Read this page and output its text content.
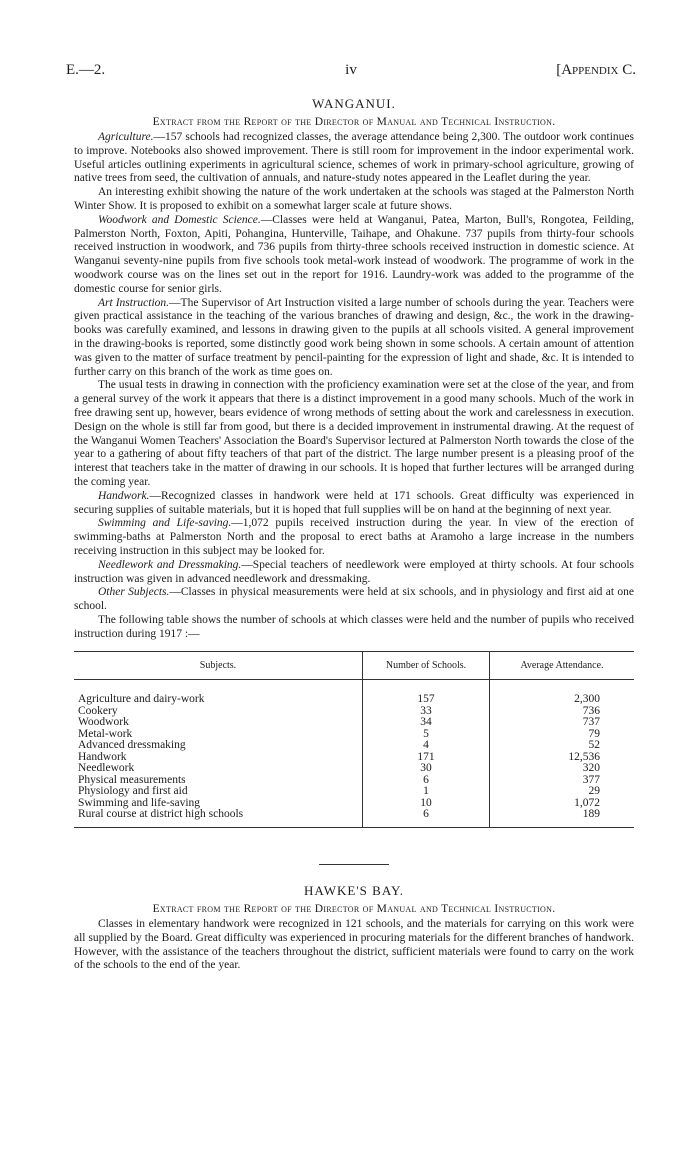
E.—2.	iv	[Appendix C.
WANGANUI.
Extract from the Report of the Director of Manual and Technical Instruction.

Agriculture.—157 schools had recognized classes, the average attendance being 2,300. The outdoor work continues to improve. Notebooks also showed improvement. There is still room for improvement in the indoor experimental work. Useful articles outlining experiments in agricultural science, schemes of work in primary-school agriculture, growing of native trees from seed, the cultivation of annuals, and nature-study notes appeared in the Leaflet during the year.

An interesting exhibit showing the nature of the work undertaken at the schools was staged at the Palmerston North Winter Show. It is proposed to exhibit on a somewhat larger scale at future shows.

Woodwork and Domestic Science.—Classes were held at Wanganui, Patea, Marton, Bull's, Rongotea, Feilding, Palmerston North, Foxton, Apiti, Pohangina, Hunterville, Taihape, and Ohakune. 737 pupils from thirty-four schools received instruction in woodwork, and 736 pupils from thirty-three schools received instruction in domestic science. At Wanganui seventy-nine pupils from five schools took metal-work instead of woodwork. The programme of work in the woodwork course was on the lines set out in the report for 1916. Laundry-work was added to the programme of the domestic course for senior girls.

Art Instruction.—The Supervisor of Art Instruction visited a large number of schools during the year. Teachers were given practical assistance in the teaching of the various branches of drawing and design, &c., the work in the drawing-books was carefully examined, and lessons in drawing given to the pupils at all schools visited. A general improvement in the drawing-books is reported, some distinctly good work being shown in some schools. A certain amount of attention was given to the matter of surface treatment by pencil-painting for the expression of light and shade, &c. It is intended to further carry on this branch of the work as time goes on.

The usual tests in drawing in connection with the proficiency examination were set at the close of the year, and from a general survey of the work it appears that there is a distinct improvement in a good many schools. Much of the work in free drawing sent up, however, bears evidence of wrong methods of setting about the work and carelessness in execution. Design on the whole is still far from good, but there is a decided improvement in instrumental drawing. At the request of the Wanganui Women Teachers' Association the Board's Supervisor lectured at Palmerston North towards the close of the year to a gathering of about fifty teachers of that part of the district. The large number present is a pleasing proof of the interest that teachers take in the matter of drawing in our schools. It is hoped that further lectures will be arranged during the coming year.

Handwork.—Recognized classes in handwork were held at 171 schools. Great difficulty was experienced in securing supplies of suitable materials, but it is hoped that full supplies will be on hand at the beginning of next year.

Swimming and Life-saving.—1,072 pupils received instruction during the year. In view of the erection of swimming-baths at Palmerston North and the proposal to erect baths at Aramoho a large increase in the numbers receiving instruction in this subject may be looked for.

Needlework and Dressmaking.—Special teachers of needlework were employed at thirty schools. At four schools instruction was given in advanced needlework and dressmaking.

Other Subjects.—Classes in physical measurements were held at six schools, and in physiology and first aid at one school.

The following table shows the number of schools at which classes were held and the number of pupils who received instruction during 1917 :—

Subjects.	Number of Schools.	Average Attendance.

Agriculture and dairy-work	157	2,300
Cookery	33	736
Woodwork	34	737
Metal-work	5	79
Advanced dressmaking	4	52
Handwork	171	12,536
Needlework	30	320
Physical measurements	6	377
Physiology and first aid	1	29
Swimming and life-saving	10	1,072
Rural course at district high schools	6	189

HAWKE'S BAY.
Extract from the Report of the Director of Manual and Technical Instruction.

Classes in elementary handwork were recognized in 121 schools, and the materials for carrying on this work were all supplied by the Board. Great difficulty was experienced in procuring materials for the different branches of handwork. However, with the assistance of the teachers throughout the district, sufficient materials were found to carry on the work of the schools to the end of the year.
